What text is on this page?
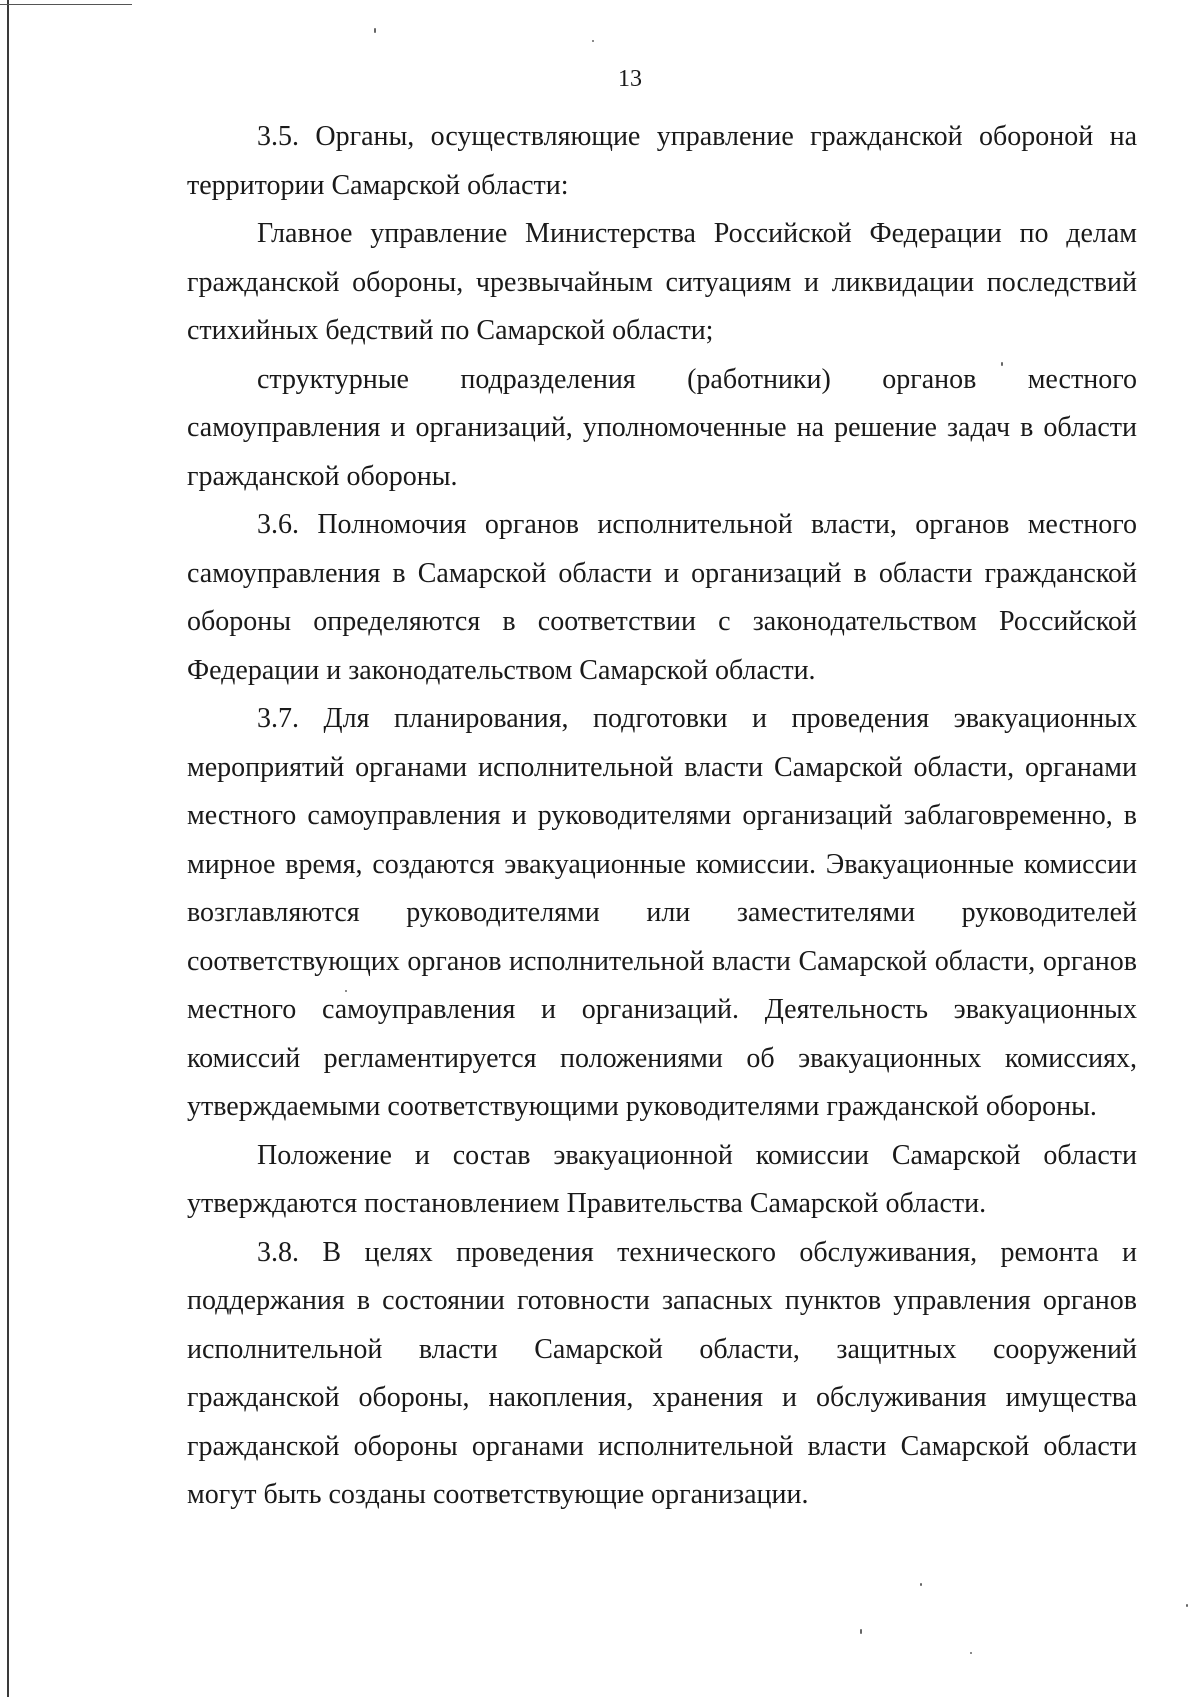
13

3.5. Органы, осуществляющие управление гражданской обороной на территории Самарской области:

Главное управление Министерства Российской Федерации по делам гражданской обороны, чрезвычайным ситуациям и ликвидации последствий стихийных бедствий по Самарской области;

структурные подразделения (работники) органов местного самоуправления и организаций, уполномоченные на решение задач в области гражданской обороны.

3.6. Полномочия органов исполнительной власти, органов местного самоуправления в Самарской области и организаций в области гражданской обороны определяются в соответствии с законодательством Российской Федерации и законодательством Самарской области.

3.7. Для планирования, подготовки и проведения эвакуационных мероприятий органами исполнительной власти Самарской области, органами местного самоуправления и руководителями организаций заблаговременно, в мирное время, создаются эвакуационные комиссии. Эвакуационные комиссии возглавляются руководителями или заместителями руководителей соответствующих органов исполнительной власти Самарской области, органов местного самоуправления и организаций. Деятельность эвакуационных комиссий регламентируется положениями об эвакуационных комиссиях, утверждаемыми соответствующими руководителями гражданской обороны.

Положение и состав эвакуационной комиссии Самарской области утверждаются постановлением Правительства Самарской области.

3.8. В целях проведения технического обслуживания, ремонта и поддержания в состоянии готовности запасных пунктов управления органов исполнительной власти Самарской области, защитных сооружений гражданской обороны, накопления, хранения и обслуживания имущества гражданской обороны органами исполнительной власти Самарской области могут быть созданы соответствующие организации.
